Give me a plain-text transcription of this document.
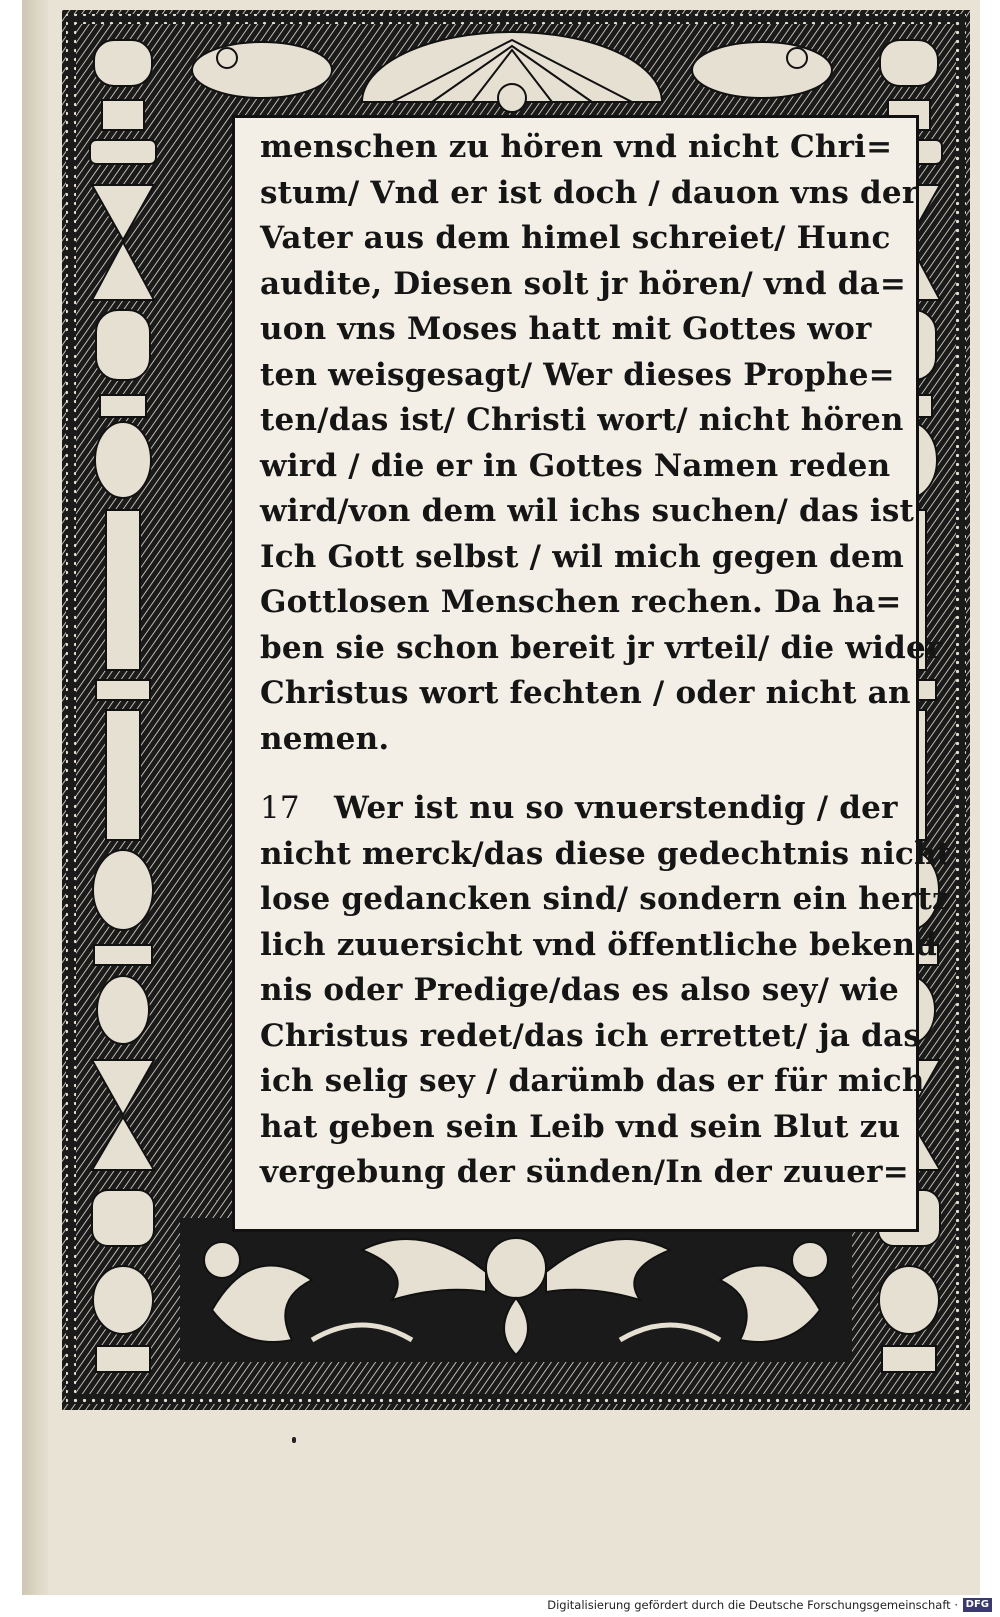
menschen zu hören vnd nicht Chri=
stum/ Vnd er ist doch / dauon vns der
Vater aus dem himel schreiet/ Hunc
audite, Diesen solt jr hören/ vnd da=
uon vns Moses hatt mit Gottes wor
ten weisgesagt/ Wer dieses Prophe=
ten/das ist/ Christi wort/ nicht hören
wird / die er in Gottes Namen reden
wird/von dem wil ichs suchen/ das ist
Ich Gott selbst / wil mich gegen dem
Gottlosen Menschen rechen. Da ha=
ben sie schon bereit jr vrteil/ die wider
Christus wort fechten / oder nicht an
nemen.
17 Wer ist nu so vnuerstendig / der
nicht merck/das diese gedechtnis nicht
lose gedancken sind/ sondern ein hertz
lich zuuersicht vnd öffentliche bekend
nis oder Predige/das es also sey/ wie
Christus redet/das ich errettet/ ja das
ich selig sey / darümb das er für mich
hat geben sein Leib vnd sein Blut zu
vergebung der sünden/In der zuuer=
Digitalisierung gefördert durch die Deutsche Forschungsgemeinschaft · DFG
